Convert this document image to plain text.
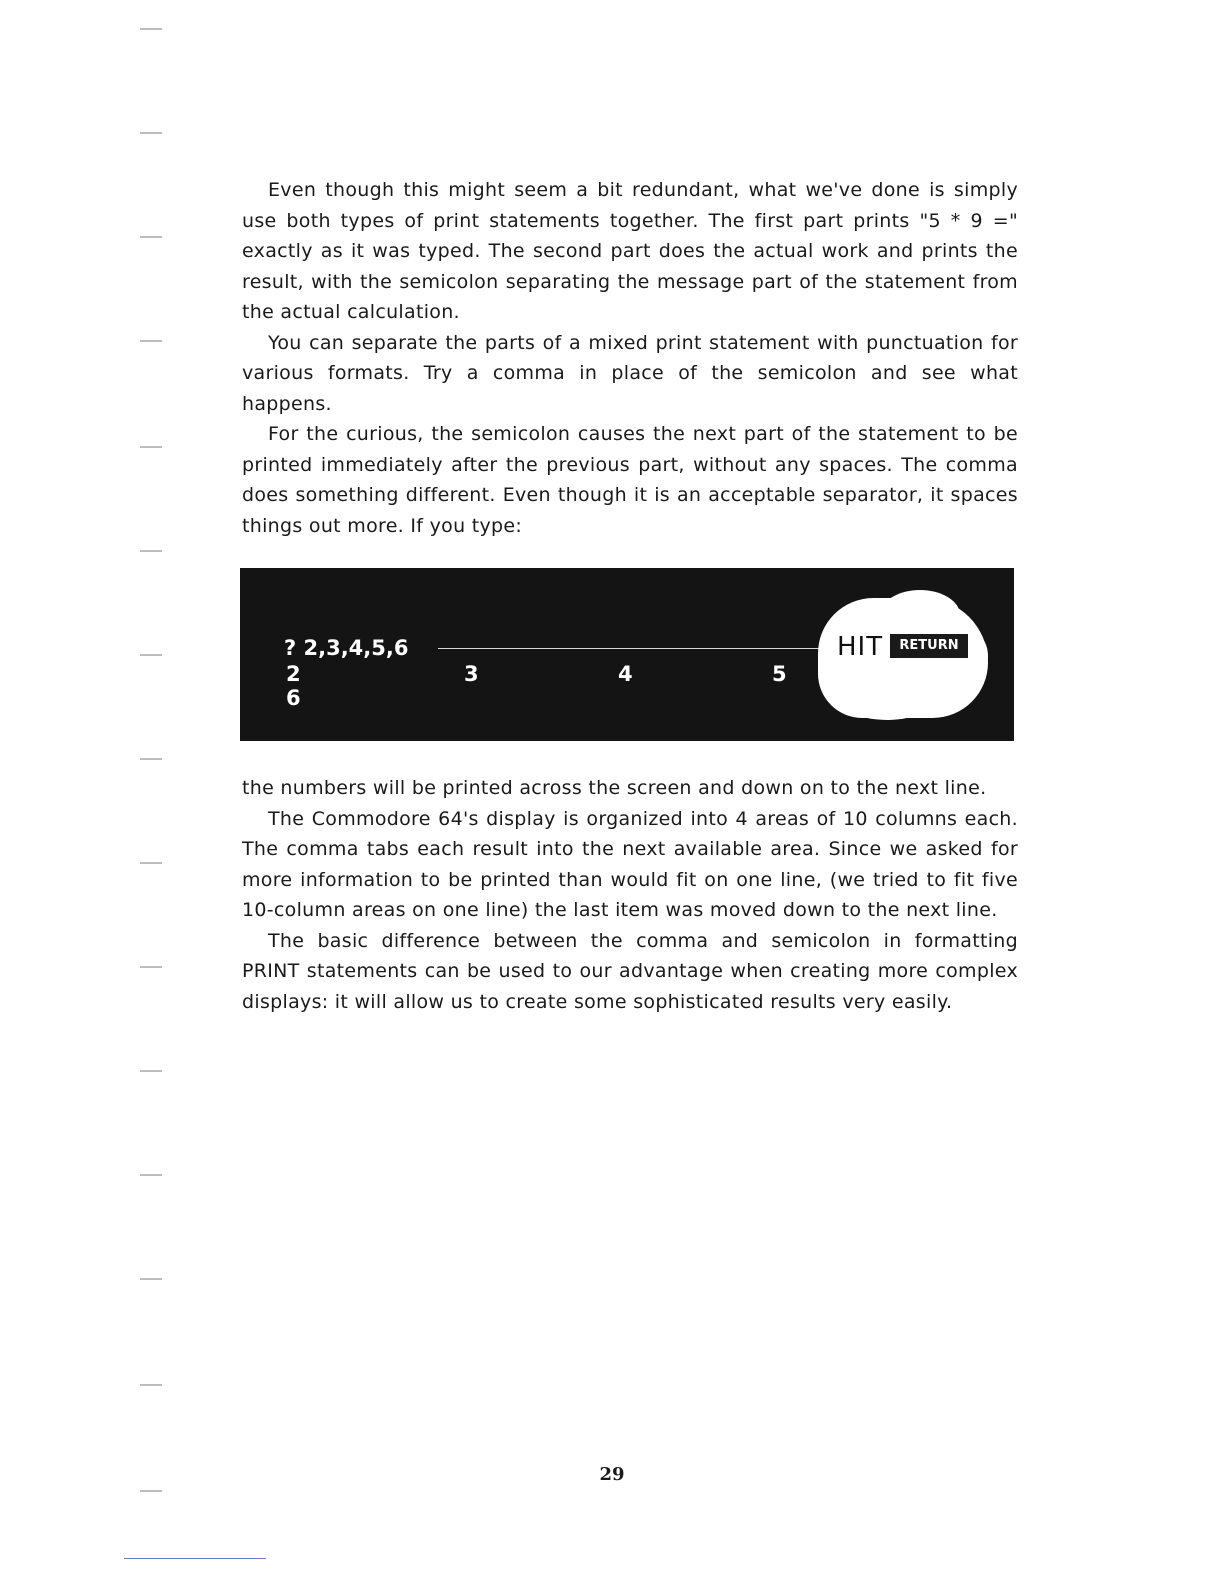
Even though this might seem a bit redundant, what we've done is simply use both types of print statements together. The first part prints "5 * 9 =" exactly as it was typed. The second part does the actual work and prints the result, with the semicolon separating the message part of the statement from the actual calculation.

You can separate the parts of a mixed print statement with punctuation for various formats. Try a comma in place of the semicolon and see what happens.

For the curious, the semicolon causes the next part of the statement to be printed immediately after the previous part, without any spaces. The comma does something different. Even though it is an acceptable separator, it spaces things out more. If you type:

? 2,3,4,5,6
2	3	4	5
6
HIT	RETURN

the numbers will be printed across the screen and down on to the next line.

The Commodore 64's display is organized into 4 areas of 10 columns each. The comma tabs each result into the next available area. Since we asked for more information to be printed than would fit on one line, (we tried to fit five 10-column areas on one line) the last item was moved down to the next line.

The basic difference between the comma and semicolon in formatting PRINT statements can be used to our advantage when creating more complex displays: it will allow us to create some sophisticated results very easily.

29
